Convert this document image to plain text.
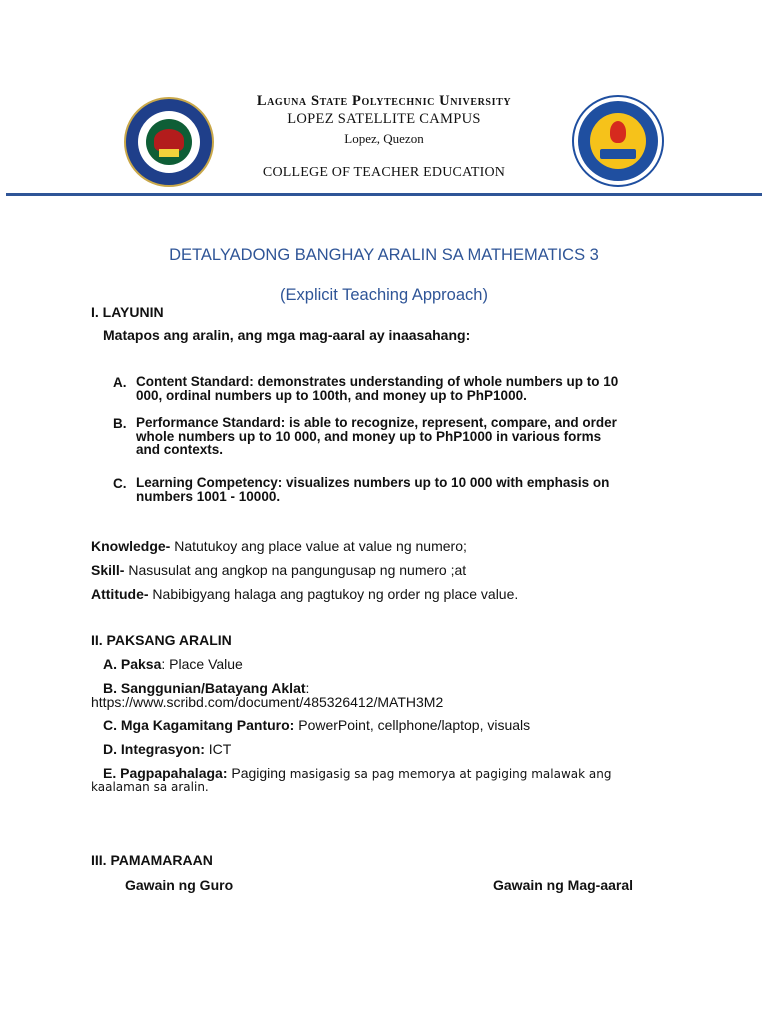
Laguna State Polytechnic University
LOPEZ SATELLITE CAMPUS
Lopez, Quezon
COLLEGE OF TEACHER EDUCATION
DETALYADONG BANGHAY ARALIN SA MATHEMATICS 3
(Explicit Teaching Approach)
I. LAYUNIN
Matapos ang aralin, ang mga mag-aaral ay inaasahang:
A. Content Standard: demonstrates understanding of whole numbers up to 10
000, ordinal numbers up to 100th, and money up to PhP1000.
B. Performance Standard: is able to recognize, represent, compare, and order
whole numbers up to 10 000, and money up to PhP1000 in various forms
and contexts.
C. Learning Competency: visualizes numbers up to 10 000 with emphasis on
numbers 1001 - 10000.
Knowledge- Natutukoy ang place value at value ng numero;
Skill- Nasusulat ang angkop na pangungusap ng numero ;at
Attitude- Nabibigyang halaga ang pagtukoy ng order ng place value.
II. PAKSANG ARALIN
A. Paksa: Place Value
B. Sanggunian/Batayang Aklat:
https://www.scribd.com/document/485326412/MATH3M2
C. Mga Kagamitang Panturo: PowerPoint, cellphone/laptop, visuals
D. Integrasyon: ICT
E. Pagpapahalaga: Pagiging masigasig sa pag memorya at pagiging malawak ang
kaalaman sa aralin.
III. PAMAMARAAN
Gawain ng Guro	Gawain ng Mag-aaral
